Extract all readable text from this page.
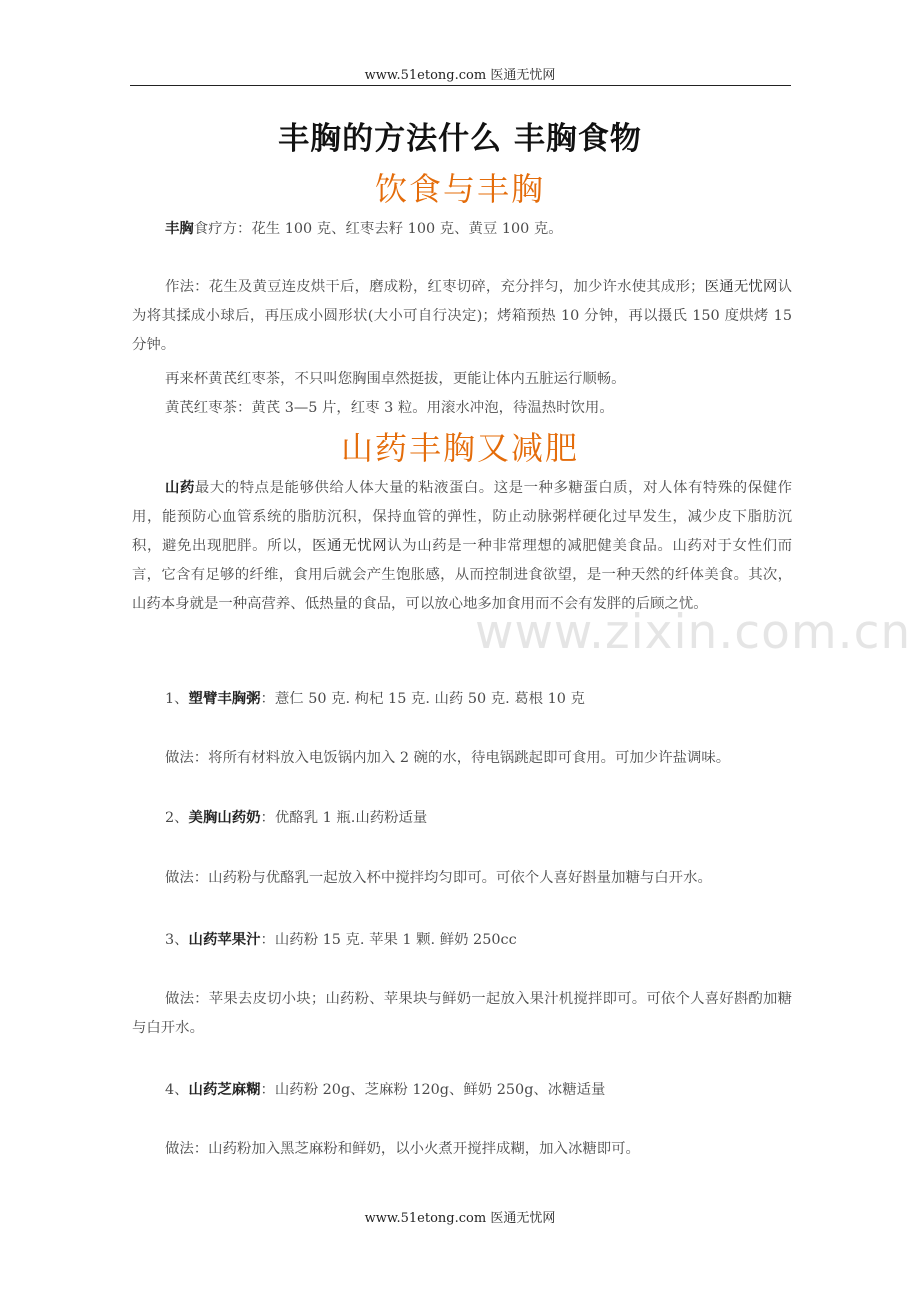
www.51etong.com 医通无忧网
丰胸的方法什么 丰胸食物
饮食与丰胸
丰胸食疗方：花生 100 克、红枣去籽 100 克、黄豆 100 克。
作法：花生及黄豆连皮烘干后，磨成粉，红枣切碎，充分拌匀，加少许水使其成形；医通无忧网认为将其揉成小球后，再压成小圆形状(大小可自行决定)；烤箱预热 10 分钟，再以摄氏 150 度烘烤 15 分钟。
再来杯黄芪红枣茶，不只叫您胸围卓然挺拔，更能让体内五脏运行顺畅。
黄芪红枣茶：黄芪 3—5 片，红枣 3 粒。用滚水冲泡，待温热时饮用。
山药丰胸又减肥
山药最大的特点是能够供给人体大量的粘液蛋白。这是一种多糖蛋白质，对人体有特殊的保健作用，能预防心血管系统的脂肪沉积，保持血管的弹性，防止动脉粥样硬化过早发生，减少皮下脂肪沉积，避免出现肥胖。所以，医通无忧网认为山药是一种非常理想的减肥健美食品。山药对于女性们而言，它含有足够的纤维，食用后就会产生饱胀感，从而控制进食欲望，是一种天然的纤体美食。其次，山药本身就是一种高营养、低热量的食品，可以放心地多加食用而不会有发胖的后顾之忧。
www.zixin.com.cn
1、塑臂丰胸粥：薏仁 50 克. 枸杞 15 克. 山药 50 克. 葛根 10 克
做法：将所有材料放入电饭锅内加入 2 碗的水，待电锅跳起即可食用。可加少许盐调味。
2、美胸山药奶：优酪乳 1 瓶.山药粉适量
做法：山药粉与优酪乳一起放入杯中搅拌均匀即可。可依个人喜好斟量加糖与白开水。
3、山药苹果汁：山药粉 15 克. 苹果 1 颗. 鲜奶 250cc
做法：苹果去皮切小块；山药粉、苹果块与鲜奶一起放入果汁机搅拌即可。可依个人喜好斟酌加糖与白开水。
4、山药芝麻糊：山药粉 20g、芝麻粉 120g、鲜奶 250g、冰糖适量
做法：山药粉加入黑芝麻粉和鲜奶，以小火煮开搅拌成糊，加入冰糖即可。
www.51etong.com 医通无忧网
